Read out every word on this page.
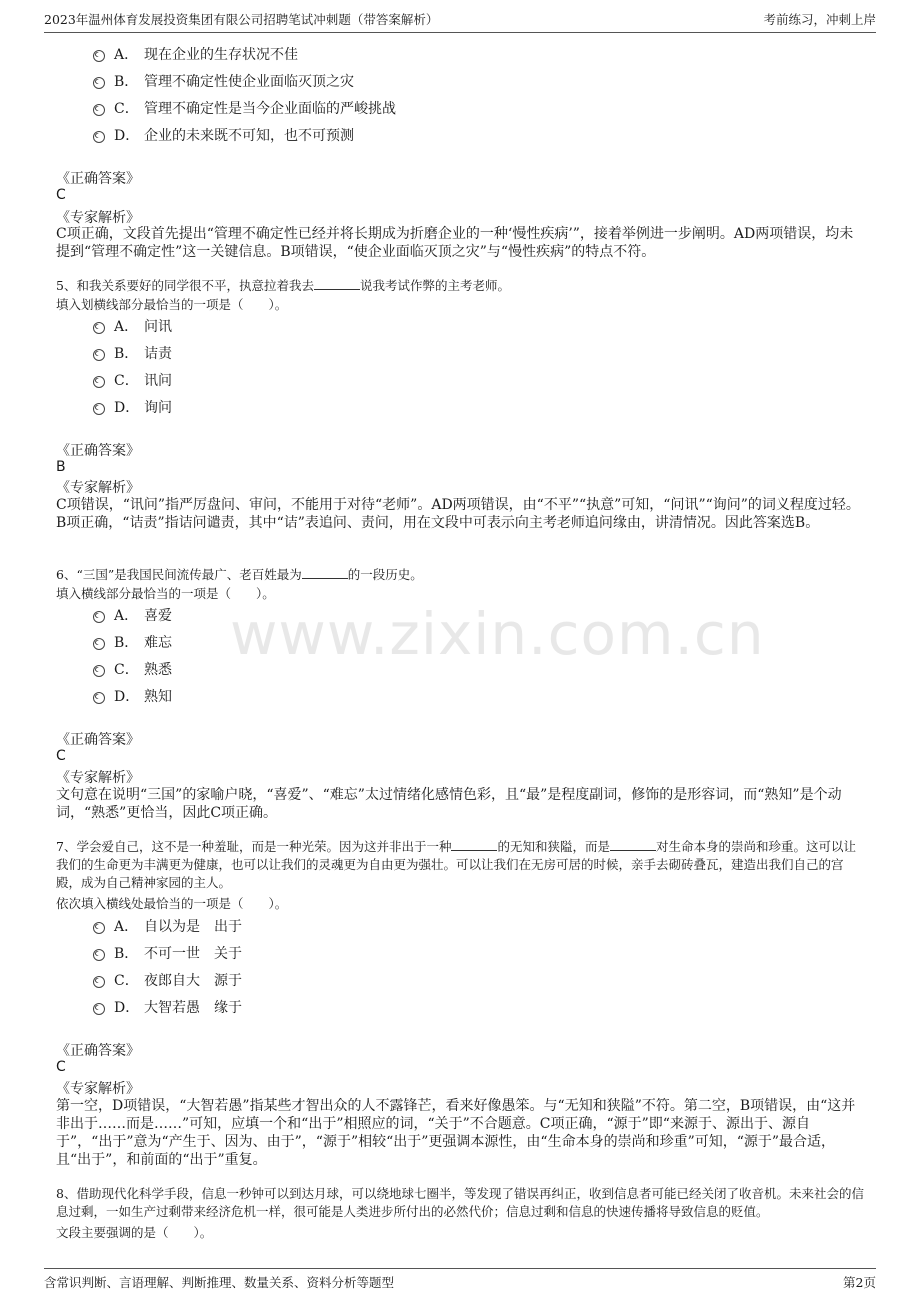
2023年温州体育发展投资集团有限公司招聘笔试冲刺题（带答案解析）	考前练习，冲刺上岸
www.zixin.com.cn
A． 现在企业的生存状况不佳
B． 管理不确定性使企业面临灭顶之灾
C． 管理不确定性是当今企业面临的严峻挑战
D． 企业的未来既不可知，也不可预测
《正确答案》
C
《专家解析》
C项正确，文段首先提出“管理不确定性已经并将长期成为折磨企业的一种‘慢性疾病’”，接着举例进一步阐明。AD两项错误，均未提到“管理不确定性”这一关键信息。B项错误，“使企业面临灭顶之灾”与“慢性疾病”的特点不符。
5、和我关系要好的同学很不平，执意拉着我去	说我考试作弊的主考老师。
填入划横线部分最恰当的一项是（　　）。
A． 问讯
B． 诘责
C． 讯问
D． 询问
《正确答案》
B
《专家解析》
C项错误，“讯问”指严厉盘问、审问，不能用于对待“老师”。AD两项错误，由“不平”“执意”可知，“问讯”“询问”的词义程度过轻。B项正确，“诘责”指诘问谴责，其中“诘”表追问、责问，用在文段中可表示向主考老师追问缘由，讲清情况。因此答案选B。
6、“三国”是我国民间流传最广、老百姓最为	的一段历史。
填入横线部分最恰当的一项是（　　）。
A． 喜爱
B． 难忘
C． 熟悉
D． 熟知
《正确答案》
C
《专家解析》
文句意在说明“三国”的家喻户晓，“喜爱”、“难忘”太过情绪化感情色彩，且“最”是程度副词，修饰的是形容词，而“熟知”是个动词，“熟悉”更恰当，因此C项正确。
7、学会爱自己，这不是一种羞耻，而是一种光荣。因为这并非出于一种	的无知和狭隘，而是	对生命本身的崇尚和珍重。这可以让我们的生命更为丰满更为健康，也可以让我们的灵魂更为自由更为强壮。可以让我们在无房可居的时候，亲手去砌砖叠瓦，建造出我们自己的宫殿，成为自己精神家园的主人。
依次填入横线处最恰当的一项是（　　）。
A． 自以为是　出于
B． 不可一世　关于
C． 夜郎自大　源于
D． 大智若愚　缘于
《正确答案》
C
《专家解析》
第一空，D项错误，“大智若愚”指某些才智出众的人不露锋芒，看来好像愚笨。与“无知和狭隘”不符。第二空，B项错误，由“这并非出于……而是……”可知，应填一个和“出于”相照应的词，“关于”不合题意。C项正确，“源于”即“来源于、源出于、源自于”，“出于”意为“产生于、因为、由于”，“源于”相较“出于”更强调本源性，由“生命本身的崇尚和珍重”可知，“源于”最合适，且“出于”，和前面的“出于”重复。
8、借助现代化科学手段，信息一秒钟可以到达月球，可以绕地球七圈半，等发现了错误再纠正，收到信息者可能已经关闭了收音机。未来社会的信息过剩，一如生产过剩带来经济危机一样，很可能是人类进步所付出的必然代价；信息过剩和信息的快速传播将导致信息的贬值。
文段主要强调的是（　　）。
含常识判断、言语理解、判断推理、数量关系、资料分析等题型	第2页
